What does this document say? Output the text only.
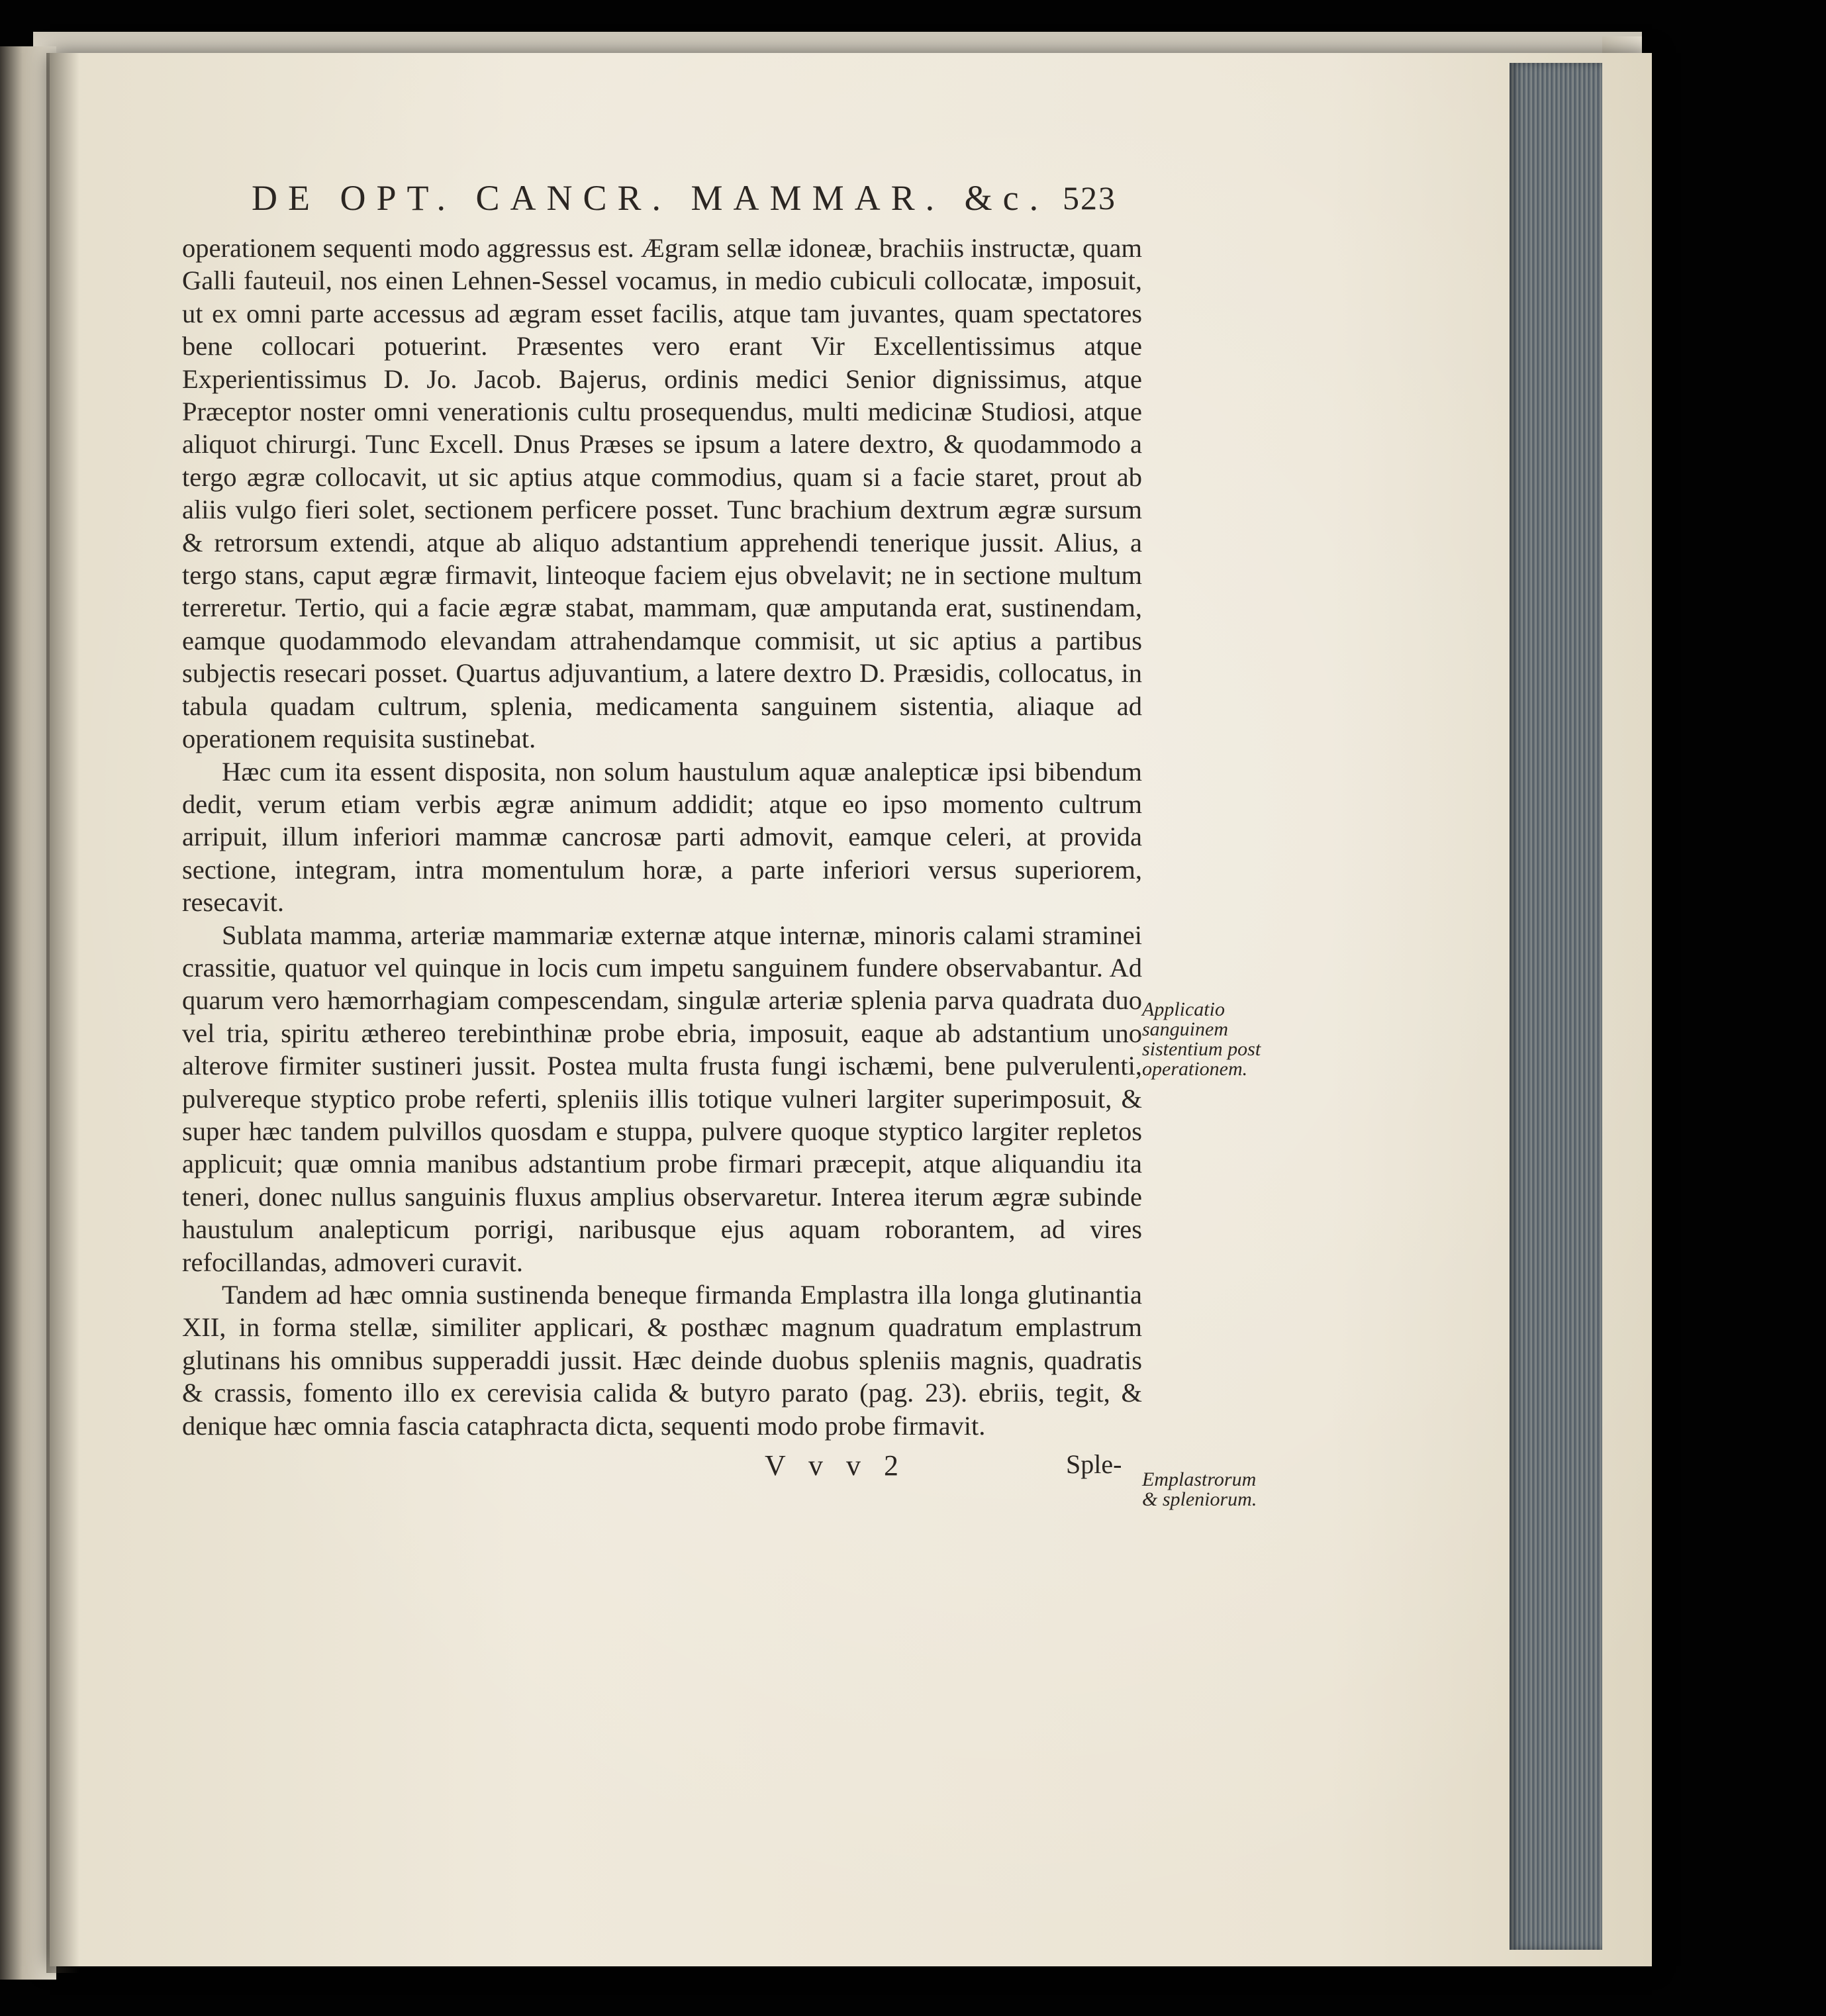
DE OPT. CANCR. MAMMAR. &c. 523

operationem sequenti modo aggressus est. Ægram sellæ idoneæ, brachiis instructæ, quam Galli fauteuil, nos einen Lehnen-Sessel vocamus, in medio cubiculi collocatæ, imposuit, ut ex omni parte accessus ad ægram esset facilis, atque tam juvantes, quam spectatores bene collocari potuerint. Præsentes vero erant Vir Excellentissimus atque Experientissimus D. Jo. Jacob. Bajerus, ordinis medici Senior dignissimus, atque Præceptor noster omni venerationis cultu prosequendus, multi medicinæ Studiosi, atque aliquot chirurgi. Tunc Excell. Dnus Præses se ipsum a latere dextro, & quodammodo a tergo ægræ collocavit, ut sic aptius atque commodius, quam si a facie staret, prout ab aliis vulgo fieri solet, sectionem perficere posset. Tunc brachium dextrum ægræ sursum & retrorsum extendi, atque ab aliquo adstantium apprehendi tenerique jussit. Alius, a tergo stans, caput ægræ firmavit, linteoque faciem ejus obvelavit; ne in sectione multum terreretur. Tertio, qui a facie ægræ stabat, mammam, quæ amputanda erat, sustinendam, eamque quodammodo elevandam attrahendamque commisit, ut sic aptius a partibus subjectis resecari posset. Quartus adjuvantium, a latere dextro D. Præsidis, collocatus, in tabula quadam cultrum, splenia, medicamenta sanguinem sistentia, aliaque ad operationem requisita sustinebat.

Hæc cum ita essent disposita, non solum haustulum aquæ analepticæ ipsi bibendum dedit, verum etiam verbis ægræ animum addidit; atque eo ipso momento cultrum arripuit, illum inferiori mammæ cancrosæ parti admovit, eamque celeri, at provida sectione, integram, intra momentulum horæ, a parte inferiori versus superiorem, resecavit.

Sublata mamma, arteriæ mammariæ externæ atque internæ, minoris calami straminei crassitie, quatuor vel quinque in locis cum impetu sanguinem fundere observabantur. Ad quarum vero hæmorrhagiam compescendam, singulæ arteriæ splenia parva quadrata duo vel tria, spiritu æthereo terebinthinæ probe ebria, imposuit, eaque ab adstantium uno alterove firmiter sustineri jussit. Postea multa frusta fungi ischæmi, bene pulverulenti, pulvereque styptico probe referti, spleniis illis totique vulneri largiter superimposuit, & super hæc tandem pulvillos quosdam e stuppa, pulvere quoque styptico largiter repletos applicuit; quæ omnia manibus adstantium probe firmari præcepit, atque aliquandiu ita teneri, donec nullus sanguinis fluxus amplius observaretur. Interea iterum ægræ subinde haustulum analepticum porrigi, naribusque ejus aquam roborantem, ad vires refocillandas, admoveri curavit.

Tandem ad hæc omnia sustinenda beneque firmanda Emplastra illa longa glutinantia XII, in forma stellæ, similiter applicari, & posthæc magnum quadratum emplastrum glutinans his omnibus supperaddi jussit. Hæc deinde duobus spleniis magnis, quadratis & crassis, fomento illo ex cerevisia calida & butyro parato (pag. 23). ebriis, tegit, & denique hæc omnia fascia cataphracta dicta, sequenti modo probe firmavit.

Applicatio sanguinem sistentium post operationem.
Emplastrorum & spleniorum.
V v v 2	Sple-
